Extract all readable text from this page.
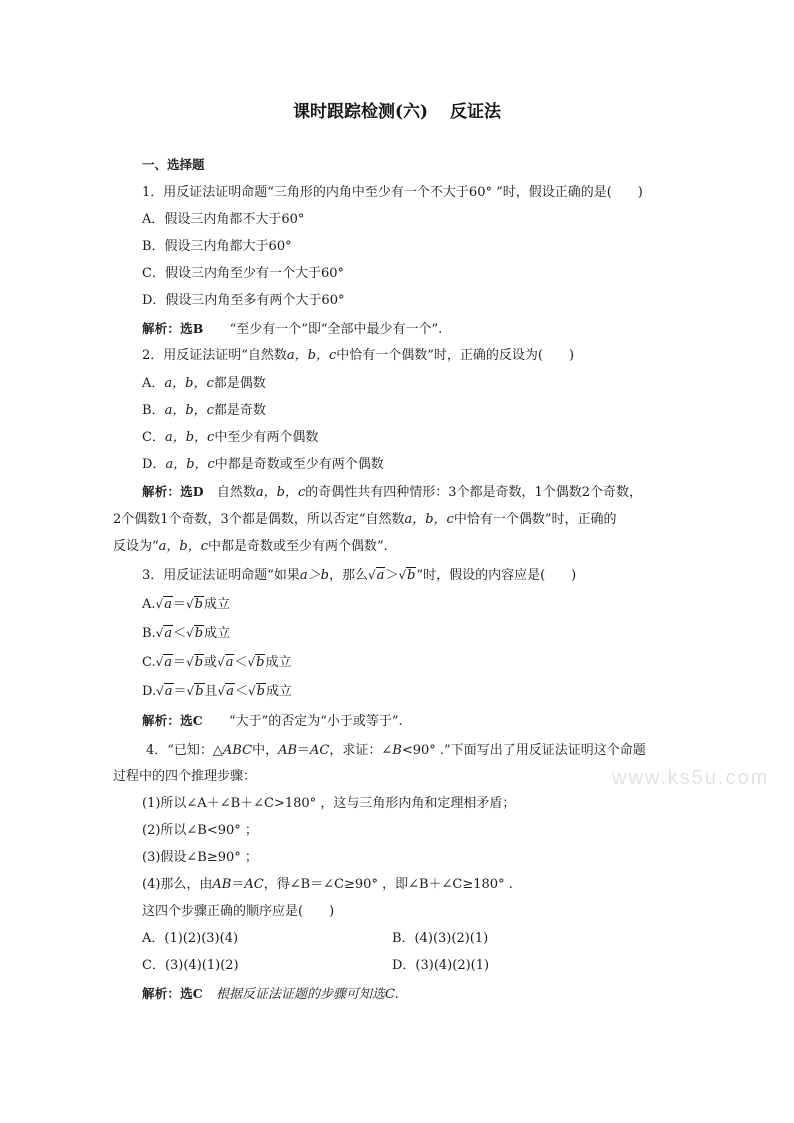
课时跟踪检测(六) 反证法
一、选择题
1．用反证法证明命题“三角形的内角中至少有一个不大于60° ”时，假设正确的是(　　)
A．假设三内角都不大于60°
B．假设三内角都大于60°
C．假设三内角至少有一个大于60°
D．假设三内角至多有两个大于60°
解析：选B　　 “至少有一个”即“全部中最少有一个”.
2．用反证法证明“自然数a，b，c中恰有一个偶数”时，正确的反设为(　　)
A．a，b，c都是偶数
B．a，b，c都是奇数
C．a，b，c中至少有两个偶数
D．a，b，c中都是奇数或至少有两个偶数
解析：选D　 自然数a，b，c的奇偶性共有四种情形：3个都是奇数，1个偶数2个奇数，
2个偶数1个奇数，3个都是偶数，所以否定“自然数a，b，c中恰有一个偶数”时，正确的
反设为“a，b，c中都是奇数或至少有两个偶数”.
3．用反证法证明命题“如果a＞b，那么√a＞√b”时，假设的内容应是(　　)
A.√a＝√b成立
B.√a＜√b成立
C.√a＝√b或√a＜√b成立
D.√a＝√b且√a＜√b成立
解析：选C　　 “大于”的否定为“小于或等于”.
4．“已知：△ABC中，AB＝AC，求证：∠B<90° .”下面写出了用反证法证明这个命题
过程中的四个推理步骤：
(1)所以∠A＋∠B＋∠C>180° ，这与三角形内角和定理相矛盾；
(2)所以∠B<90° ；
(3)假设∠B≥90° ；
(4)那么，由AB＝AC，得∠B＝∠C≥90° ，即∠B＋∠C≥180° .
这四个步骤正确的顺序应是(　　)
A．(1)(2)(3)(4)	B．(4)(3)(2)(1)
C．(3)(4)(1)(2)	D．(3)(4)(2)(1)
解析：选C　 根据反证法证题的步骤可知选C.
www.ks5u.com
